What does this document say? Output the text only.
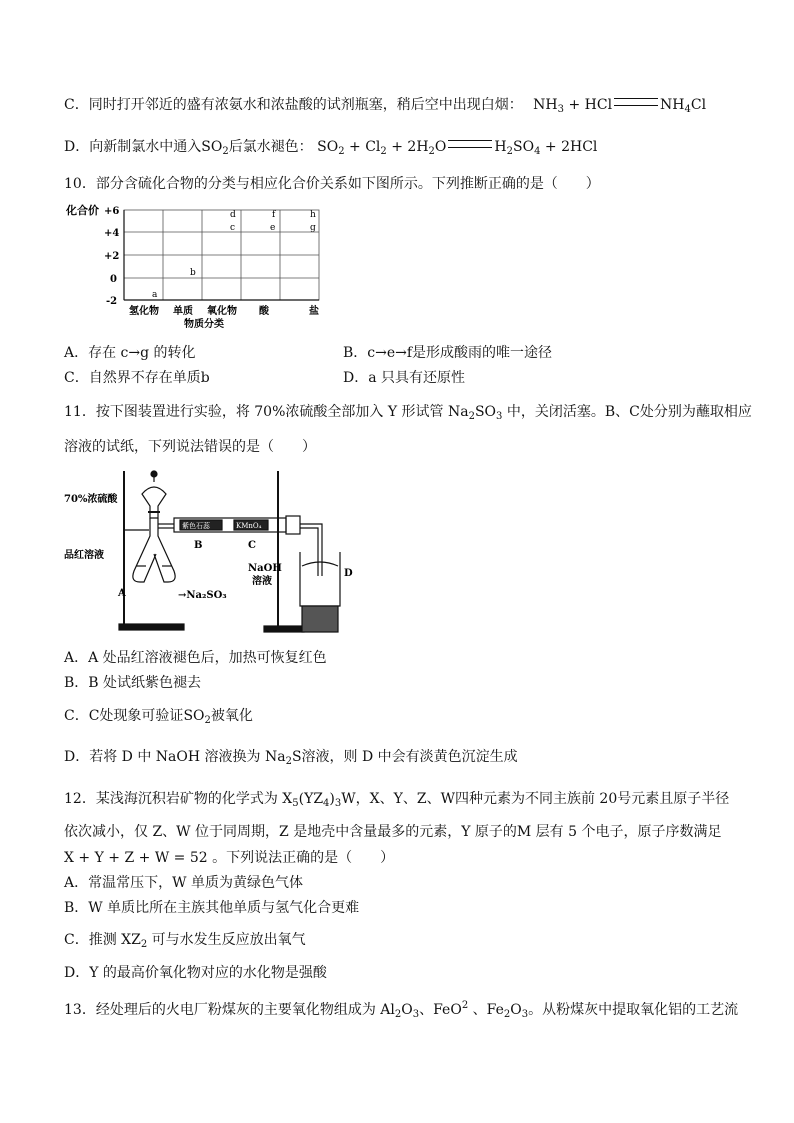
C．同时打开邻近的盛有浓氨水和浓盐酸的试剂瓶塞，稍后空中出现白烟： $NH_3$ + HCl	$NH_4Cl$
D．向新制氯水中通入$SO_2$后氯水褪色： $SO_2 + Cl_2 + 2H_2O$	$H_2SO_4 + 2HCl$
10．部分含硫化合物的分类与相应化合价关系如下图所示。下列推断正确的是（　　）
化合价 +6
+4
+2
0
-2
氢化物 单质 氧化物 酸	盐
物质分类
a
b
d
c
f
e
h
g
A．存在 c→g 的转化	B．c→e→f是形成酸雨的唯一途径
C．自然界不存在单质b	D．a 只具有还原性
11．按下图装置进行实验，将 70%浓硫酸全部加入 Y 形试管 $Na_2SO_3$ 中，关闭活塞。B、C处分别为蘸取相应
溶液的试纸，下列说法错误的是（　　）
70%浓硫酸
品红溶液
A	→Na₂SO₃
紫色石蕊	KMnO₄
B	C
NaOH
溶液
D
A．A 处品红溶液褪色后，加热可恢复红色
B．B 处试纸紫色褪去
C．C处现象可验证$SO_2$被氧化
D．若将 D 中 NaOH 溶液换为 $Na_2S$溶液，则 D 中会有淡黄色沉淀生成
12．某浅海沉积岩矿物的化学式为 $X_5(YZ_4)_3W$，X、Y、Z、W四种元素为不同主族前 20号元素且原子半径
依次减小，仅 Z、W 位于同周期，Z 是地壳中含量最多的元素，Y 原子的M 层有 5 个电子，原子序数满足
X + Y + Z + W = 52 。下列说法正确的是（　　）
A．常温常压下，W 单质为黄绿色气体
B．W 单质比所在主族其他单质与氢气化合更难
C．推测 $XZ_2$ 可与水发生反应放出氧气
D．Y 的最高价氧化物对应的水化物是强酸
13．经处理后的火电厂粉煤灰的主要氧化物组成为 $Al_2O_3$、FeO$^2$ 、$Fe_2O_3$。从粉煤灰中提取氧化铝的工艺流
